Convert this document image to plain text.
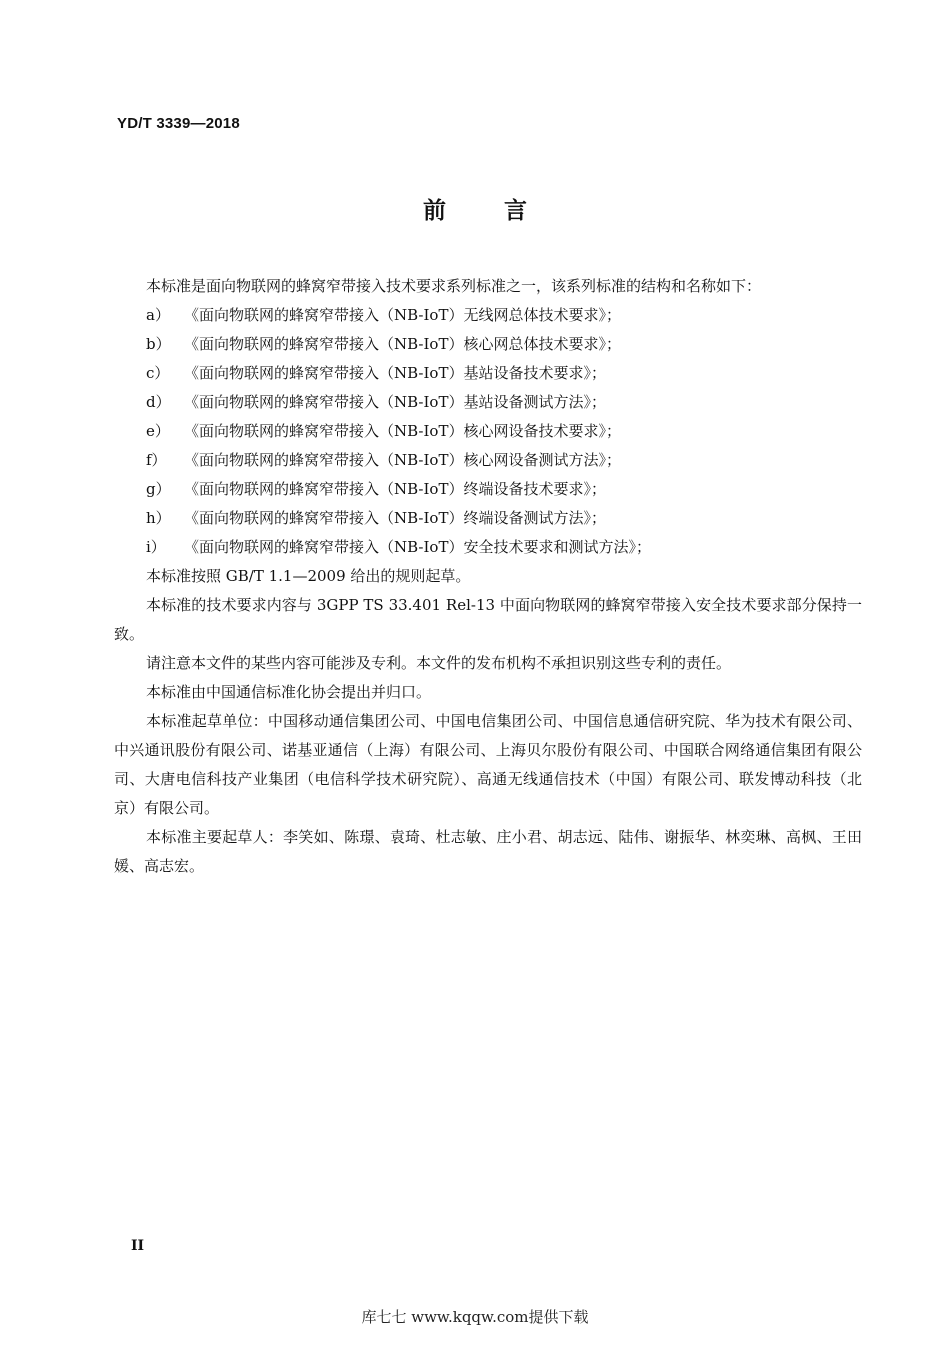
YD/T 3339—2018
前言

本标准是面向物联网的蜂窝窄带接入技术要求系列标准之一，该系列标准的结构和名称如下：

a） 《面向物联网的蜂窝窄带接入（NB-IoT）无线网总体技术要求》；

b） 《面向物联网的蜂窝窄带接入（NB-IoT）核心网总体技术要求》；

c） 《面向物联网的蜂窝窄带接入（NB-IoT）基站设备技术要求》；

d） 《面向物联网的蜂窝窄带接入（NB-IoT）基站设备测试方法》；

e） 《面向物联网的蜂窝窄带接入（NB-IoT）核心网设备技术要求》；

f） 《面向物联网的蜂窝窄带接入（NB-IoT）核心网设备测试方法》；

g） 《面向物联网的蜂窝窄带接入（NB-IoT）终端设备技术要求》；

h） 《面向物联网的蜂窝窄带接入（NB-IoT）终端设备测试方法》；

i） 《面向物联网的蜂窝窄带接入（NB-IoT）安全技术要求和测试方法》；

本标准按照 GB/T 1.1—2009 给出的规则起草。

本标准的技术要求内容与 3GPP TS 33.401 Rel-13 中面向物联网的蜂窝窄带接入安全技术要求部分保持一致。

请注意本文件的某些内容可能涉及专利。本文件的发布机构不承担识别这些专利的责任。

本标准由中国通信标准化协会提出并归口。

本标准起草单位：中国移动通信集团公司、中国电信集团公司、中国信息通信研究院、华为技术有限公司、中兴通讯股份有限公司、诺基亚通信（上海）有限公司、上海贝尔股份有限公司、中国联合网络通信集团有限公司、大唐电信科技产业集团（电信科学技术研究院）、高通无线通信技术（中国）有限公司、联发博动科技（北京）有限公司。

本标准主要起草人：李笑如、陈璟、袁琦、杜志敏、庄小君、胡志远、陆伟、谢振华、林奕琳、高枫、王田媛、高志宏。

II
库七七 www.kqqw.com提供下载
